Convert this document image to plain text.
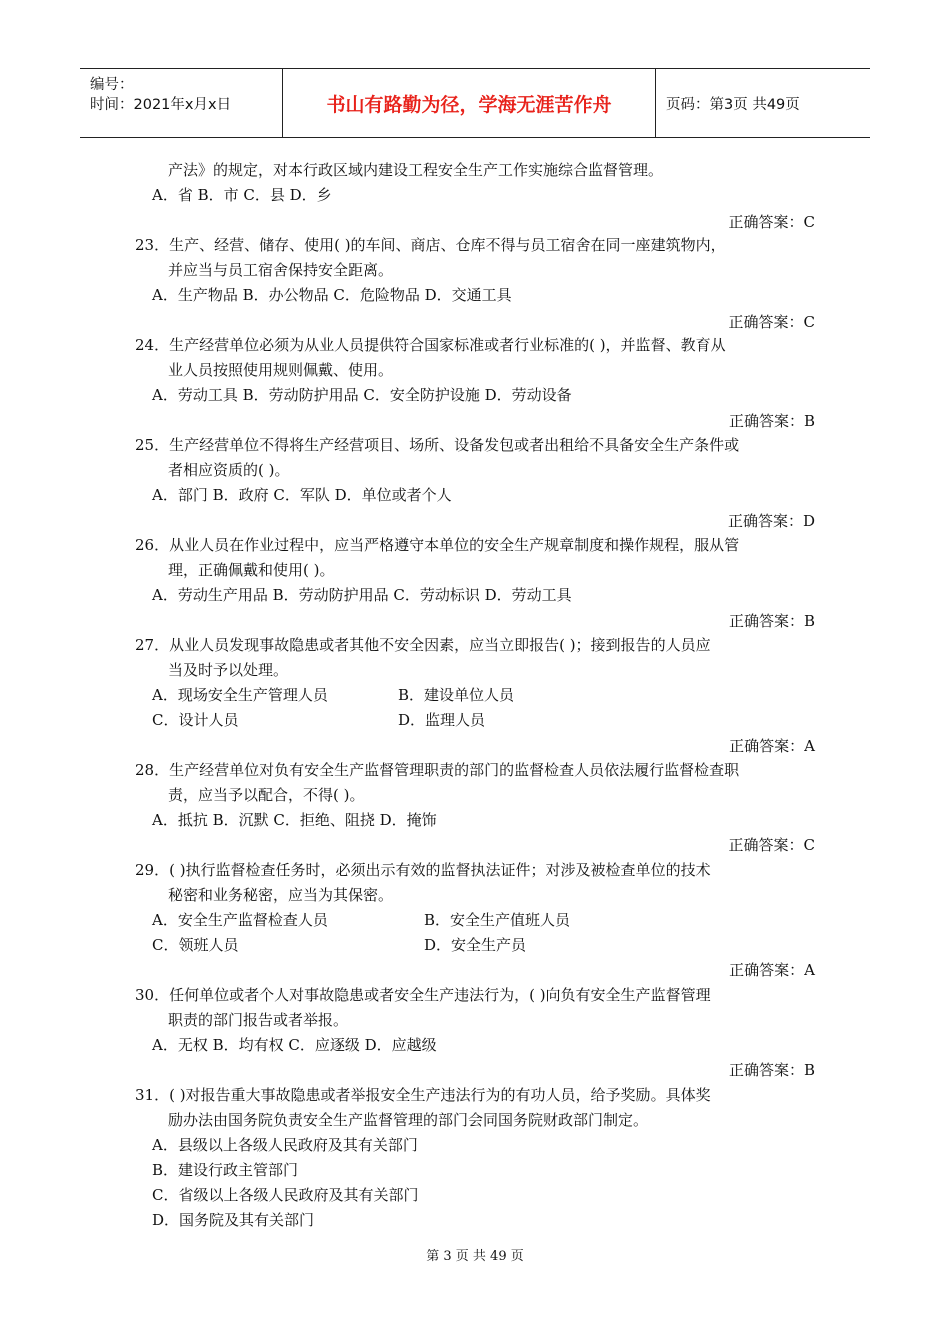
编号：
时间：2021年x月x日	书山有路勤为径，学海无涯苦作舟	页码：第3页 共49页
产法》的规定，对本行政区域内建设工程安全生产工作实施综合监督管理。
A．省 B．市 C．县 D．乡
23．生产、经营、储存、使用( )的车间、商店、仓库不得与员工宿舍在同一座建筑物内，
并应当与员工宿舍保持安全距离。
A．生产物品 B．办公物品 C．危险物品 D．交通工具
24．生产经营单位必须为从业人员提供符合国家标准或者行业标准的( )，并监督、教育从
业人员按照使用规则佩戴、使用。
A．劳动工具 B．劳动防护用品 C．安全防护设施 D．劳动设备
25．生产经营单位不得将生产经营项目、场所、设备发包或者出租给不具备安全生产条件或
者相应资质的( )。
A．部门 B．政府 C．军队 D．单位或者个人
26．从业人员在作业过程中，应当严格遵守本单位的安全生产规章制度和操作规程，服从管
理，正确佩戴和使用( )。
A．劳动生产用品 B．劳动防护用品 C．劳动标识 D．劳动工具
27．从业人员发现事故隐患或者其他不安全因素，应当立即报告( )；接到报告的人员应
当及时予以处理。
A．现场安全生产管理人员	B．建设单位人员
C．设计人员	D．监理人员
28．生产经营单位对负有安全生产监督管理职责的部门的监督检查人员依法履行监督检查职
责，应当予以配合，不得( )。
A．抵抗 B．沉默 C．拒绝、阻挠 D．掩饰
29．( )执行监督检查任务时，必须出示有效的监督执法证件；对涉及被检查单位的技术
秘密和业务秘密，应当为其保密。
A．安全生产监督检查人员	B．安全生产值班人员
C．领班人员	D．安全生产员
30．任何单位或者个人对事故隐患或者安全生产违法行为，( )向负有安全生产监督管理
职责的部门报告或者举报。
A．无权 B．均有权 C．应逐级 D．应越级
31．( )对报告重大事故隐患或者举报安全生产违法行为的有功人员，给予奖励。具体奖
励办法由国务院负责安全生产监督管理的部门会同国务院财政部门制定。
A．县级以上各级人民政府及其有关部门
B．建设行政主管部门
C．省级以上各级人民政府及其有关部门
D．国务院及其有关部门
正确答案：C
正确答案：C
正确答案：B
正确答案：D
正确答案：B
正确答案：A
正确答案：C
正确答案：A
正确答案：B
第 3 页 共 49 页
